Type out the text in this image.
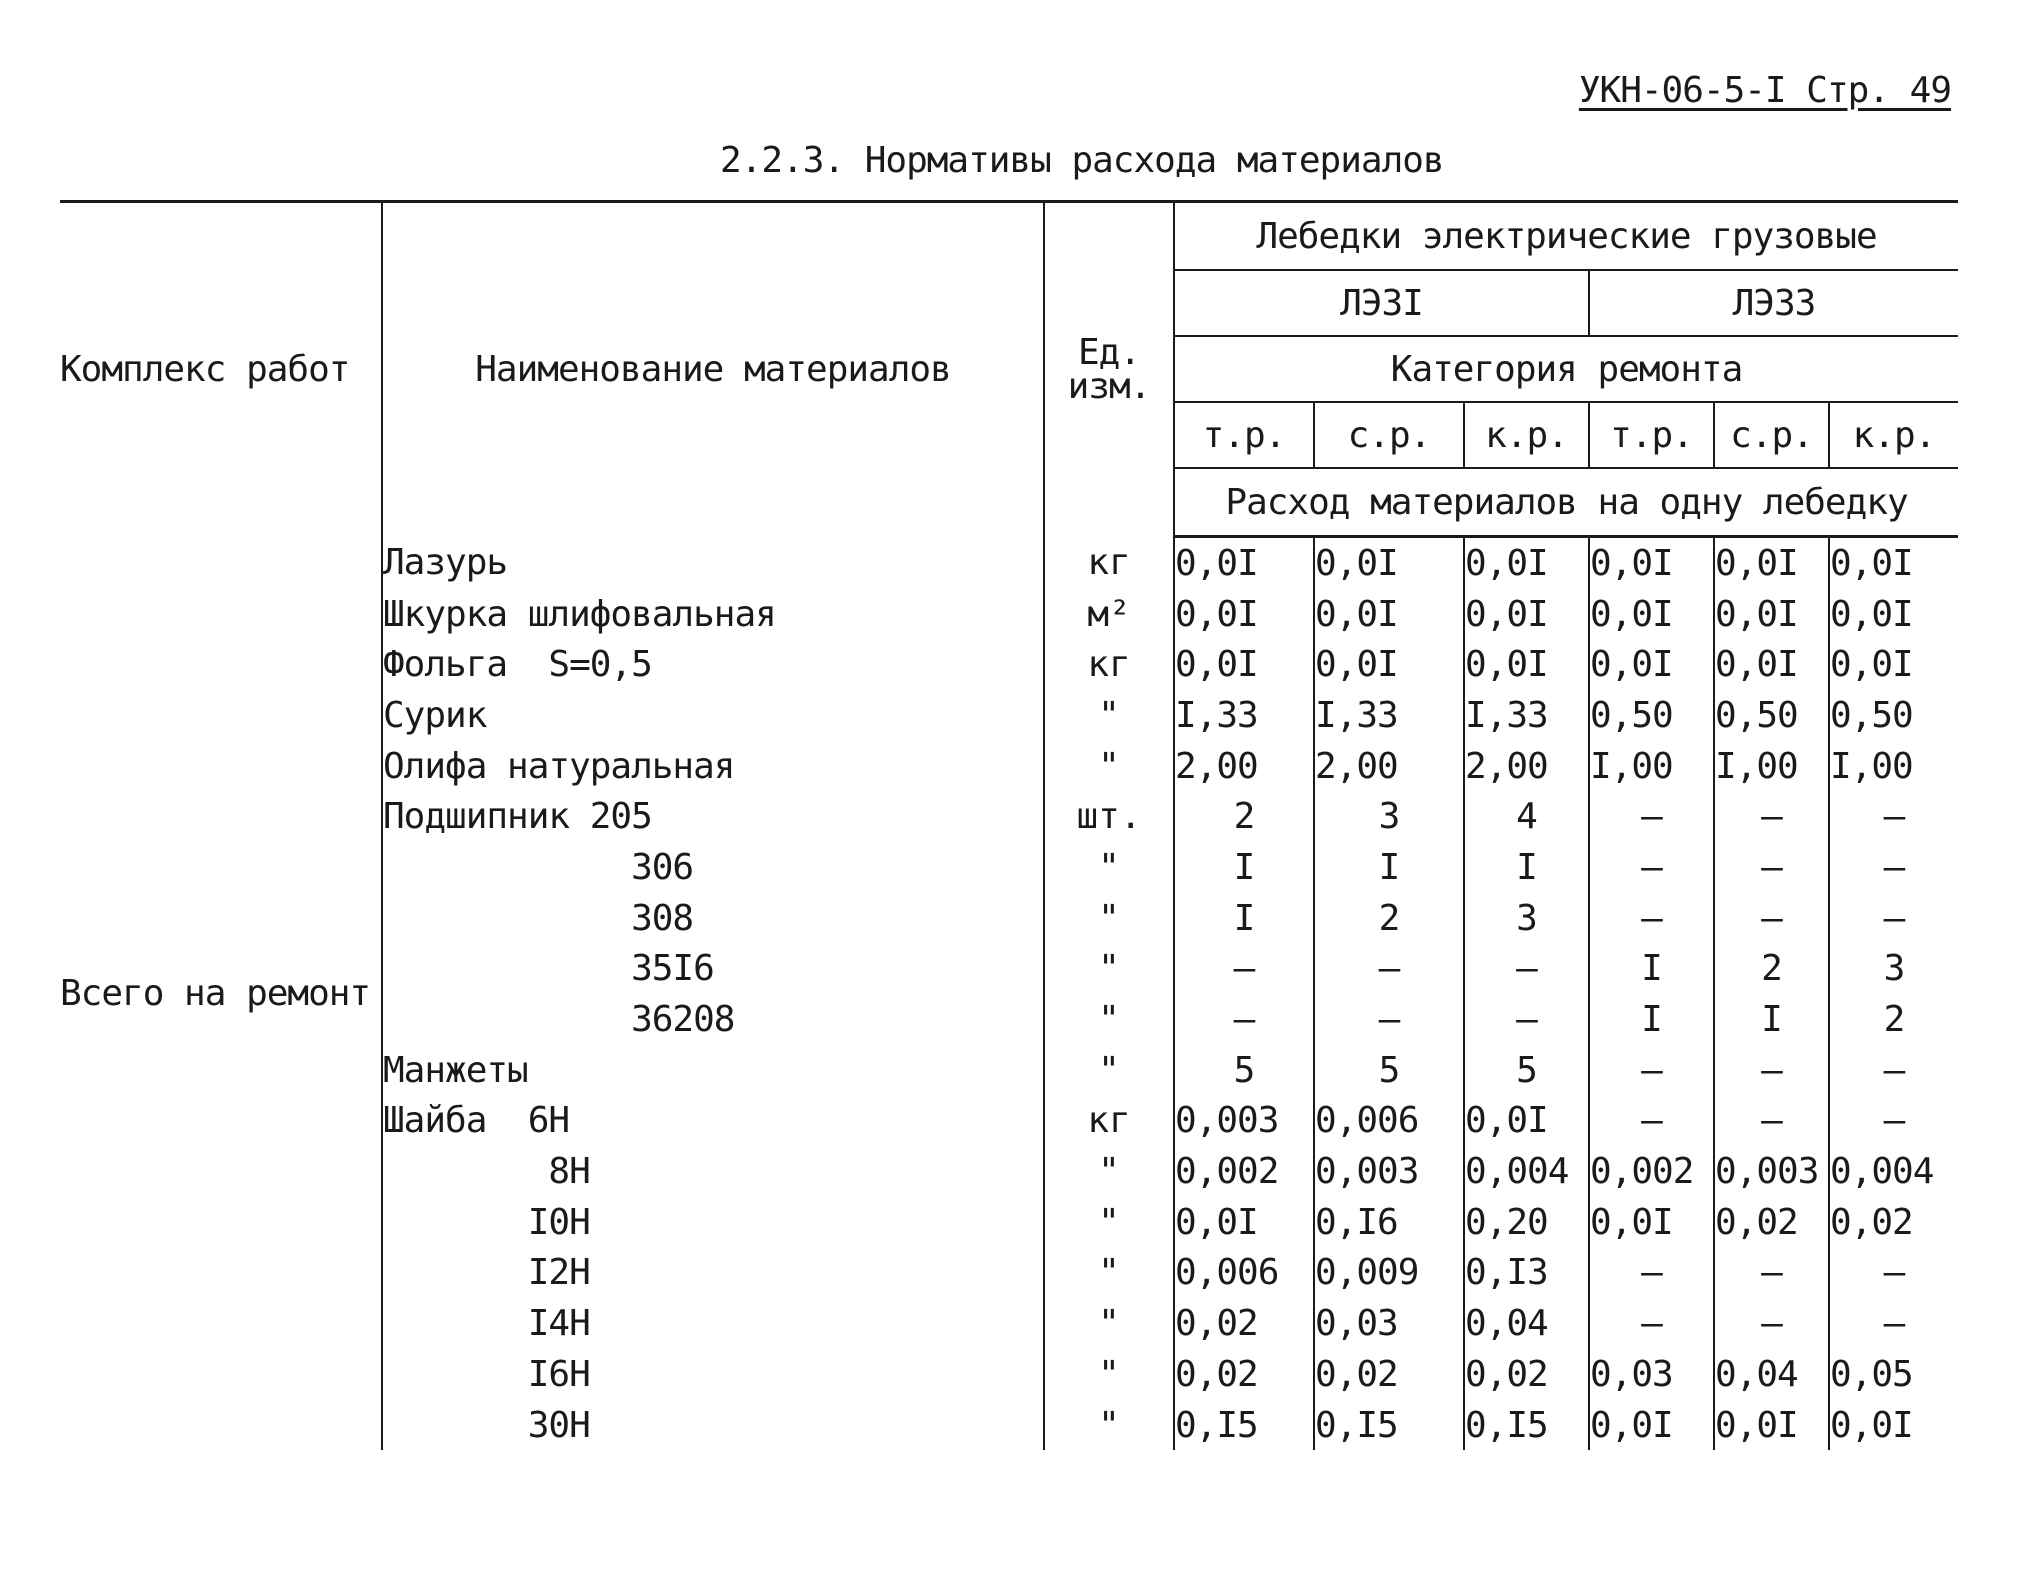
УКН-06-5-I Стр. 49
2.2.3. Нормативы расхода материалов
Комплекс работ	Наименование материалов	Ед. изм.	Лебедки электрические грузовые					
			ЛЭ3I			ЛЭ33		
			Категория ремонта					
			т.р.	с.р.	к.р.	т.р.	с.р.	к.р.
			Расход материалов на одну лебедку					
Всего на ремонт	Лазурь	кг	0,0I	0,0I	0,0I	0,0I	0,0I	0,0I
	Шкурка шлифовальная	м²	0,0I	0,0I	0,0I	0,0I	0,0I	0,0I
	Фольга  S=0,5	кг	0,0I	0,0I	0,0I	0,0I	0,0I	0,0I
	Сурик	"	I,33	I,33	I,33	0,50	0,50	0,50
	Олифа натуральная	"	2,00	2,00	2,00	I,00	I,00	I,00
	Подшипник 205	шт.	2	3	4	–	–	–
	306	"	I	I	I	–	–	–
	308	"	I	2	3	–	–	–
	35I6	"	–	–	–	I	2	3
	36208	"	–	–	–	I	I	2
	Манжеты	"	5	5	5	–	–	–
	Шайба  6Н	кг	0,003	0,006	0,0I	–	–	–
	8Н	"	0,002	0,003	0,004	0,002	0,003	0,004
	I0Н	"	0,0I	0,I6	0,20	0,0I	0,02	0,02
	I2Н	"	0,006	0,009	0,I3	–	–	–
	I4Н	"	0,02	0,03	0,04	–	–	–
	I6Н	"	0,02	0,02	0,02	0,03	0,04	0,05
	30Н	"	0,I5	0,I5	0,I5	0,0I	0,0I	0,0I
